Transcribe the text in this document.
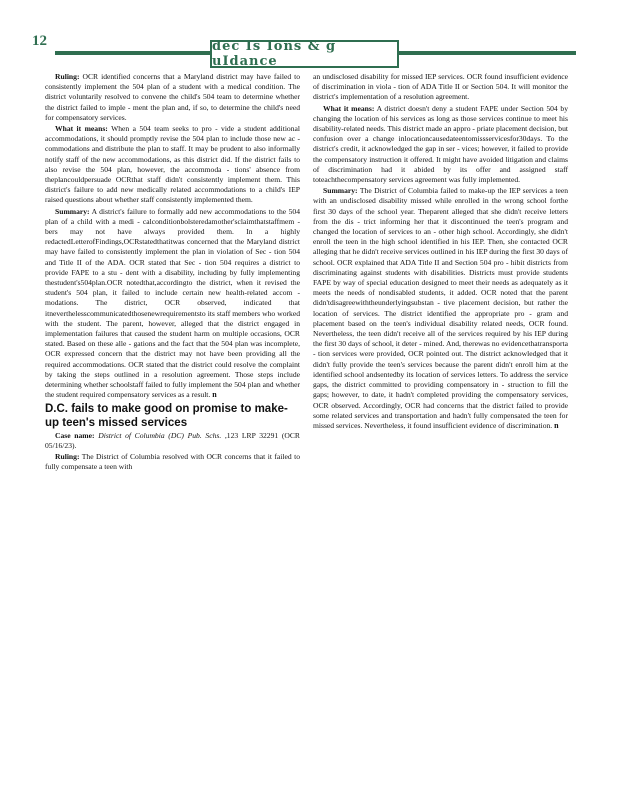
12	dec Is Ions & g uIdance

Ruling: OCR identified concerns that a Maryland district may have failed to consistently implement the 504 plan of a student with a medical condition. The district voluntarily resolved to convene the child's 504 team to determine whether the district failed to imple - ment the plan and, if so, to determine the child's need for compensatory services.

What it means: When a 504 team seeks to pro - vide a student additional accommodations, it should promptly revise the 504 plan to include those new ac - commodations and distribute the plan to staff. It may be prudent to also informally notify staff of the new accommodations, as this district did. If the district fails to also revise the 504 plan, however, the accommoda - tions' absence from theplancouldpersuade OCRthat staff didn't consistently implement them. This district's failure to add new medically related accommodations to a child's IEP raised questions about whether staff consistently implemented them.

Summary: A district's failure to formally add new accommodations to the 504 plan of a child with a medi - calconditionbolsteredamother'sclaimthatstaffmem - bers may not have always provided them. In a highly redactedLetterofFindings,OCRstatedthatitwas concerned that the Maryland district may have failed to consistently implement the plan in violation of Sec - tion 504 and Title II of the ADA. OCR stated that Sec - tion 504 requires a district to provide FAPE to a stu - dent with a disability, including by fully implementing thestudent's504plan.OCR notedthat,accordingto the district, when it revised the student's 504 plan, it failed to include certain new health-related accom - modations. The district, OCR observed, indicated that itneverthelesscommunicatedthosenewrequirementsto its staff members who worked with the student. The parent, however, alleged that the district engaged in implementation failures that caused the student harm on multiple occasions, OCR stated. Based on these alle - gations and the fact that the 504 plan was incomplete, OCR expressed concern that the district may not have been providing all the required accommodations. OCR stated that the district could resolve the complaint by taking the steps outlined in a resolution agreement. Those steps include determining whether schoolstaff failed to fully implement the 504 plan and whether the student required compensatory services as a result. n

D.C. fails to make good on promise to make-up teen's missed services

Case name: District of Columbia (DC) Pub. Schs. ,123 LRP 32291 (OCR 05/16/23).

Ruling: The District of Columbia resolved with OCR concerns that it failed to fully compensate a teen with

an undisclosed disability for missed IEP services. OCR found insufficient evidence of discrimination in viola - tion of ADA Title II or Section 504. It will monitor the district's implementation of a resolution agreement.

What it means: A district doesn't deny a student FAPE under Section 504 by changing the location of his services as long as those services continue to meet his disability-related needs. This district made an appro - priate placement decision, but confusion over a change inlocationcausedateentomissservicesfor30days. To the district's credit, it acknowledged the gap in ser - vices; however, it failed to provide the compensatory instruction it offered. It might have avoided litigation and claims of discrimination had it abided by its offer and assigned staff toteachthecompensatory services agreement was fully implemented.

Summary: The District of Columbia failed to make-up the IEP services a teen with an undisclosed disability missed while enrolled in the wrong school forthe first 30 days of the school year. Theparent alleged that she didn't receive letters from the dis - trict informing her that it discontinued the teen's program and changed the location of services to an - other high school. Accordingly, she didn't enroll the teen in the high school identified in his IEP. Then, she contacted OCR alleging that he didn't receive services outlined in his IEP during the first 30 days of school. OCR explained that ADA Title II and Section 504 pro - hibit districts from discriminating against students with disabilities. Districts must provide students FAPE by way of special education designed to meet their needs as adequately as it meets the needs of nondisabled students, it added. OCR noted that the parent didn'tdisagreewiththeunderlyingsubstan - tive placement decision, but rather the location of services. The district identified the appropriate pro - gram and placement based on the teen's individual disability related needs, OCR found. Nevertheless, the teen didn't receive all of the services required by his IEP during the first 30 days of school, it deter - mined. And, therewas no evidencethatransporta - tion services were provided, OCR pointed out. The district acknowledged that it didn't fully provide the teen's services because the parent didn't enroll him at the identified school andsentedby its location of services letters. To address the service gaps, the district committed to providing compensatory in - struction to fill the gaps; however, to date, it hadn't completed providing the compensatory services, OCR observed. Accordingly, OCR had concerns that the district failed to provide some related services and transportation and hadn't fully compensated the teen for missed services. Nevertheless, it found insufficient evidence of discrimination. n
